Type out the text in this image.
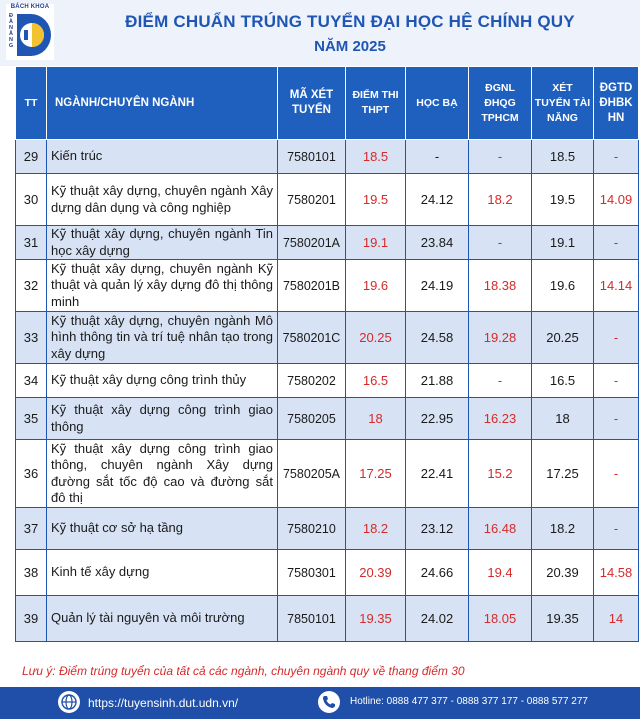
BÁCH KHOA
Đ
À
N
Ẵ
N
G
ĐIỂM CHUẨN TRÚNG TUYỂN ĐẠI HỌC HỆ CHÍNH QUY
NĂM 2025
TT	NGÀNH/CHUYÊN NGÀNH	MÃ XÉT TUYỂN	ĐIỂM THI THPT	HỌC BẠ	ĐGNL ĐHQG TPHCM	XÉT TUYỂN TÀI NĂNG	ĐGTD ĐHBK HN
29	Kiến trúc	7580101	18.5	-	-	18.5	-
30	Kỹ thuật xây dựng, chuyên ngành Xây dựng dân dụng và công nghiệp	7580201	19.5	24.12	18.2	19.5	14.09
31	Kỹ thuật xây dựng, chuyên ngành Tin học xây dựng	7580201A	19.1	23.84	-	19.1	-
32	Kỹ thuật xây dựng, chuyên ngành Kỹ thuật và quản lý xây dựng đô thị thông minh	7580201B	19.6	24.19	18.38	19.6	14.14
33	Kỹ thuật xây dựng, chuyên ngành Mô hình thông tin và trí tuệ nhân tạo trong xây dựng	7580201C	20.25	24.58	19.28	20.25	-
34	Kỹ thuật xây dựng công trình thủy	7580202	16.5	21.88	-	16.5	-
35	Kỹ thuật xây dựng công trình giao thông	7580205	18	22.95	16.23	18	-
36	Kỹ thuật xây dựng công trình giao thông, chuyên ngành Xây dựng đường sắt tốc độ cao và đường sắt đô thị	7580205A	17.25	22.41	15.2	17.25	-
37	Kỹ thuật cơ sở hạ tầng	7580210	18.2	23.12	16.48	18.2	-
38	Kinh tế xây dựng	7580301	20.39	24.66	19.4	20.39	14.58
39	Quản lý tài nguyên và môi trường	7850101	19.35	24.02	18.05	19.35	14
Lưu ý: Điểm trúng tuyển của tất cả các ngành, chuyên ngành quy về thang điểm 30
https://tuyensinh.dut.udn.vn/	Hotline: 0888 477 377 - 0888 377 177 - 0888 577 277
